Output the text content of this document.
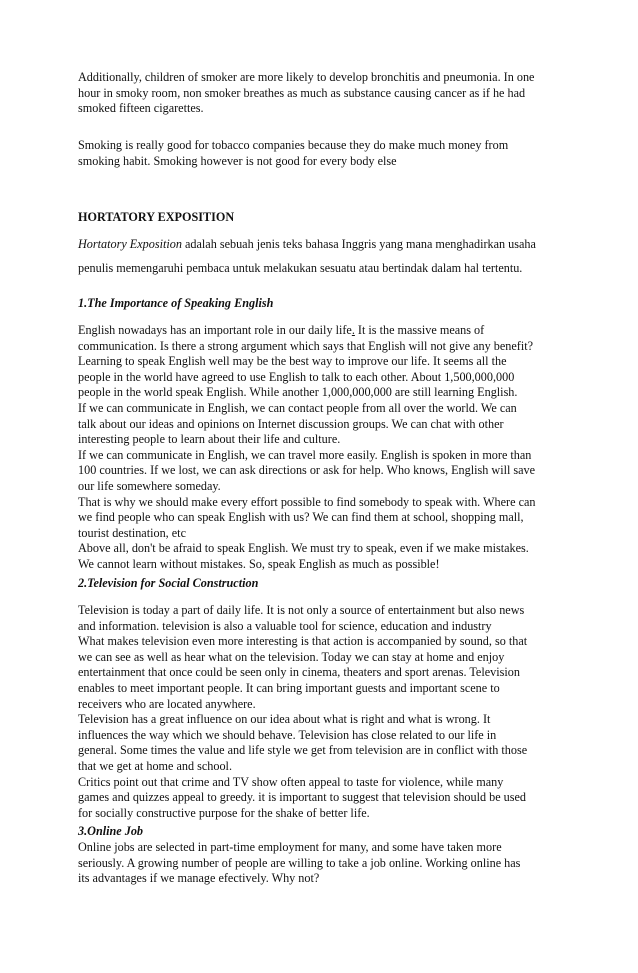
Additionally, children of smoker are more likely to develop bronchitis and pneumonia. In one
hour in smoky room, non smoker breathes as much as substance causing cancer as if he had
smoked fifteen cigarettes.
Smoking is really good for tobacco companies because they do make much money from
smoking habit. Smoking however is not good for every body else
HORTATORY EXPOSITION
Hortatory Exposition adalah sebuah jenis teks bahasa Inggris yang mana menghadirkan usaha
penulis memengaruhi pembaca untuk melakukan sesuatu atau bertindak dalam hal tertentu.
1.The Importance of Speaking English
English nowadays has an important role in our daily life. It is the massive means of
communication. Is there a strong argument which says that English will not give any benefit?
Learning to speak English well may be the best way to improve our life. It seems all the
people in the world have agreed to use English to talk to each other. About 1,500,000,000
people in the world speak English. While another 1,000,000,000 are still learning English.
If we can communicate in English, we can contact people from all over the world. We can
talk about our ideas and opinions on Internet discussion groups. We can chat with other
interesting people to learn about their life and culture.
If we can communicate in English, we can travel more easily. English is spoken in more than
100 countries. If we lost, we can ask directions or ask for help. Who knows, English will save
our life somewhere someday.
That is why we should make every effort possible to find somebody to speak with. Where can
we find people who can speak English with us? We can find them at school, shopping mall,
tourist destination, etc
Above all, don't be afraid to speak English. We must try to speak, even if we make mistakes.
We cannot learn without mistakes. So, speak English as much as possible!
2.Television for Social Construction
Television is today a part of daily life. It is not only a source of entertainment but also news
and information. television is also a valuable tool for science, education and industry
What makes television even more interesting is that action is accompanied by sound, so that
we can see as well as hear what on the television. Today we can stay at home and enjoy
entertainment that once could be seen only in cinema, theaters and sport arenas. Television
enables to meet important people. It can bring important guests and important scene to
receivers who are located anywhere.
Television has a great influence on our idea about what is right and what is wrong. It
influences the way which we should behave. Television has close related to our life in
general. Some times the value and life style we get from television are in conflict with those
that we get at home and school.
Critics point out that crime and TV show often appeal to taste for violence, while many
games and quizzes appeal to greedy. it is important to suggest that television should be used
for socially constructive purpose for the shake of better life.
3.Online Job
Online jobs are selected in part-time employment for many, and some have taken more
seriously. A growing number of people are willing to take a job online. Working online has
its advantages if we manage efectively. Why not?
